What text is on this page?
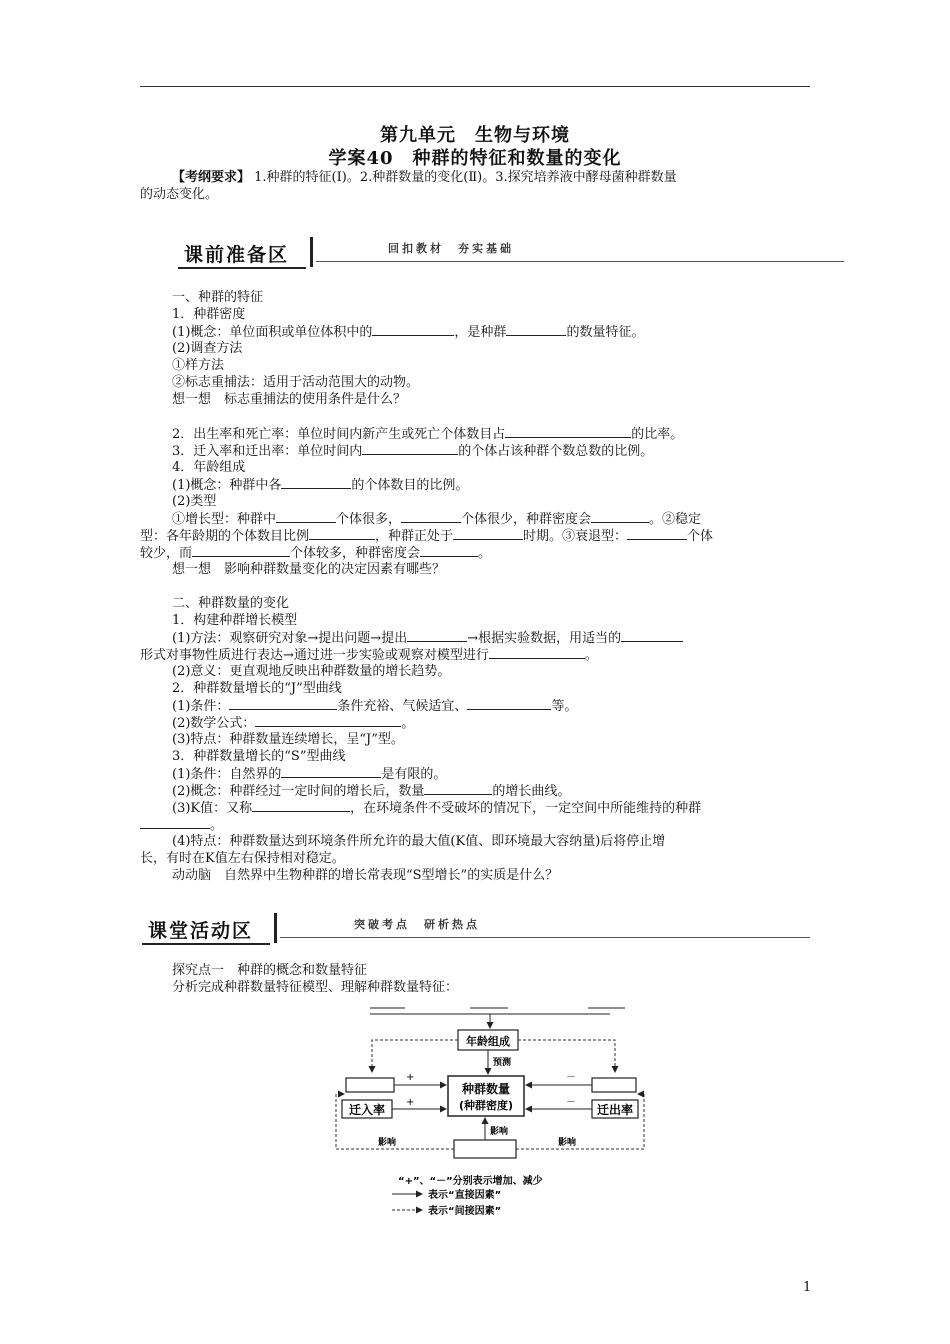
第九单元　生物与环境
学案40　种群的特征和数量的变化
【考纲要求】 1.种群的特征(Ⅰ)。2.种群数量的变化(Ⅱ)。3.探究培养液中酵母菌种群数量
的动态变化。
课前准备区	回扣教材　夯实基础
一、种群的特征
1．种群密度
(1)概念：单位面积或单位体积中的	，是种群	的数量特征。
(2)调查方法
①样方法
②标志重捕法：适用于活动范围大的动物。
想一想　标志重捕法的使用条件是什么？
2．出生率和死亡率：单位时间内新产生或死亡个体数目占	的比率。
3．迁入率和迁出率：单位时间内	的个体占该种群个数总数的比例。
4．年龄组成
(1)概念：种群中各	的个体数目的比例。
(2)类型
①增长型：种群中	个体很多，	个体很少，种群密度会	。②稳定
型：各年龄期的个体数目比例	，种群正处于	时期。③衰退型：	个体
较少，而	个体较多，种群密度会	。
想一想　影响种群数量变化的决定因素有哪些？
二、种群数量的变化
1．构建种群增长模型
(1)方法：观察研究对象→提出问题→提出	→根据实验数据，用适当的
形式对事物性质进行表达→通过进一步实验或观察对模型进行	。
(2)意义：更直观地反映出种群数量的增长趋势。
2．种群数量增长的“J”型曲线
(1)条件：	条件充裕、气候适宜、	等。
(2)数学公式：	。
(3)特点：种群数量连续增长，呈“J”型。
3．种群数量增长的“S”型曲线
(1)条件：自然界的	是有限的。
(2)概念：种群经过一定时间的增长后，数量	的增长曲线。
(3)K值：又称	，在环境条件不受破坏的情况下，一定空间中所能维持的种群
。
(4)特点：种群数量达到环境条件所允许的最大值(K值、即环境最大容纳量)后将停止增
长，有时在K值左右保持相对稳定。
动动脑　自然界中生物种群的增长常表现“S型增长”的实质是什么？
课堂活动区	突破考点　研析热点
探究点一　种群的概念和数量特征
分析完成种群数量特征模型、理解种群数量特征：
年龄组成
预测
种群数量
(种群密度)
迁入率
+
+
迁出率
－
－
影响
影响	影响
“+”、“－”分别表示增加、减少
表示“直接因素”
表示“间接因素”
1
